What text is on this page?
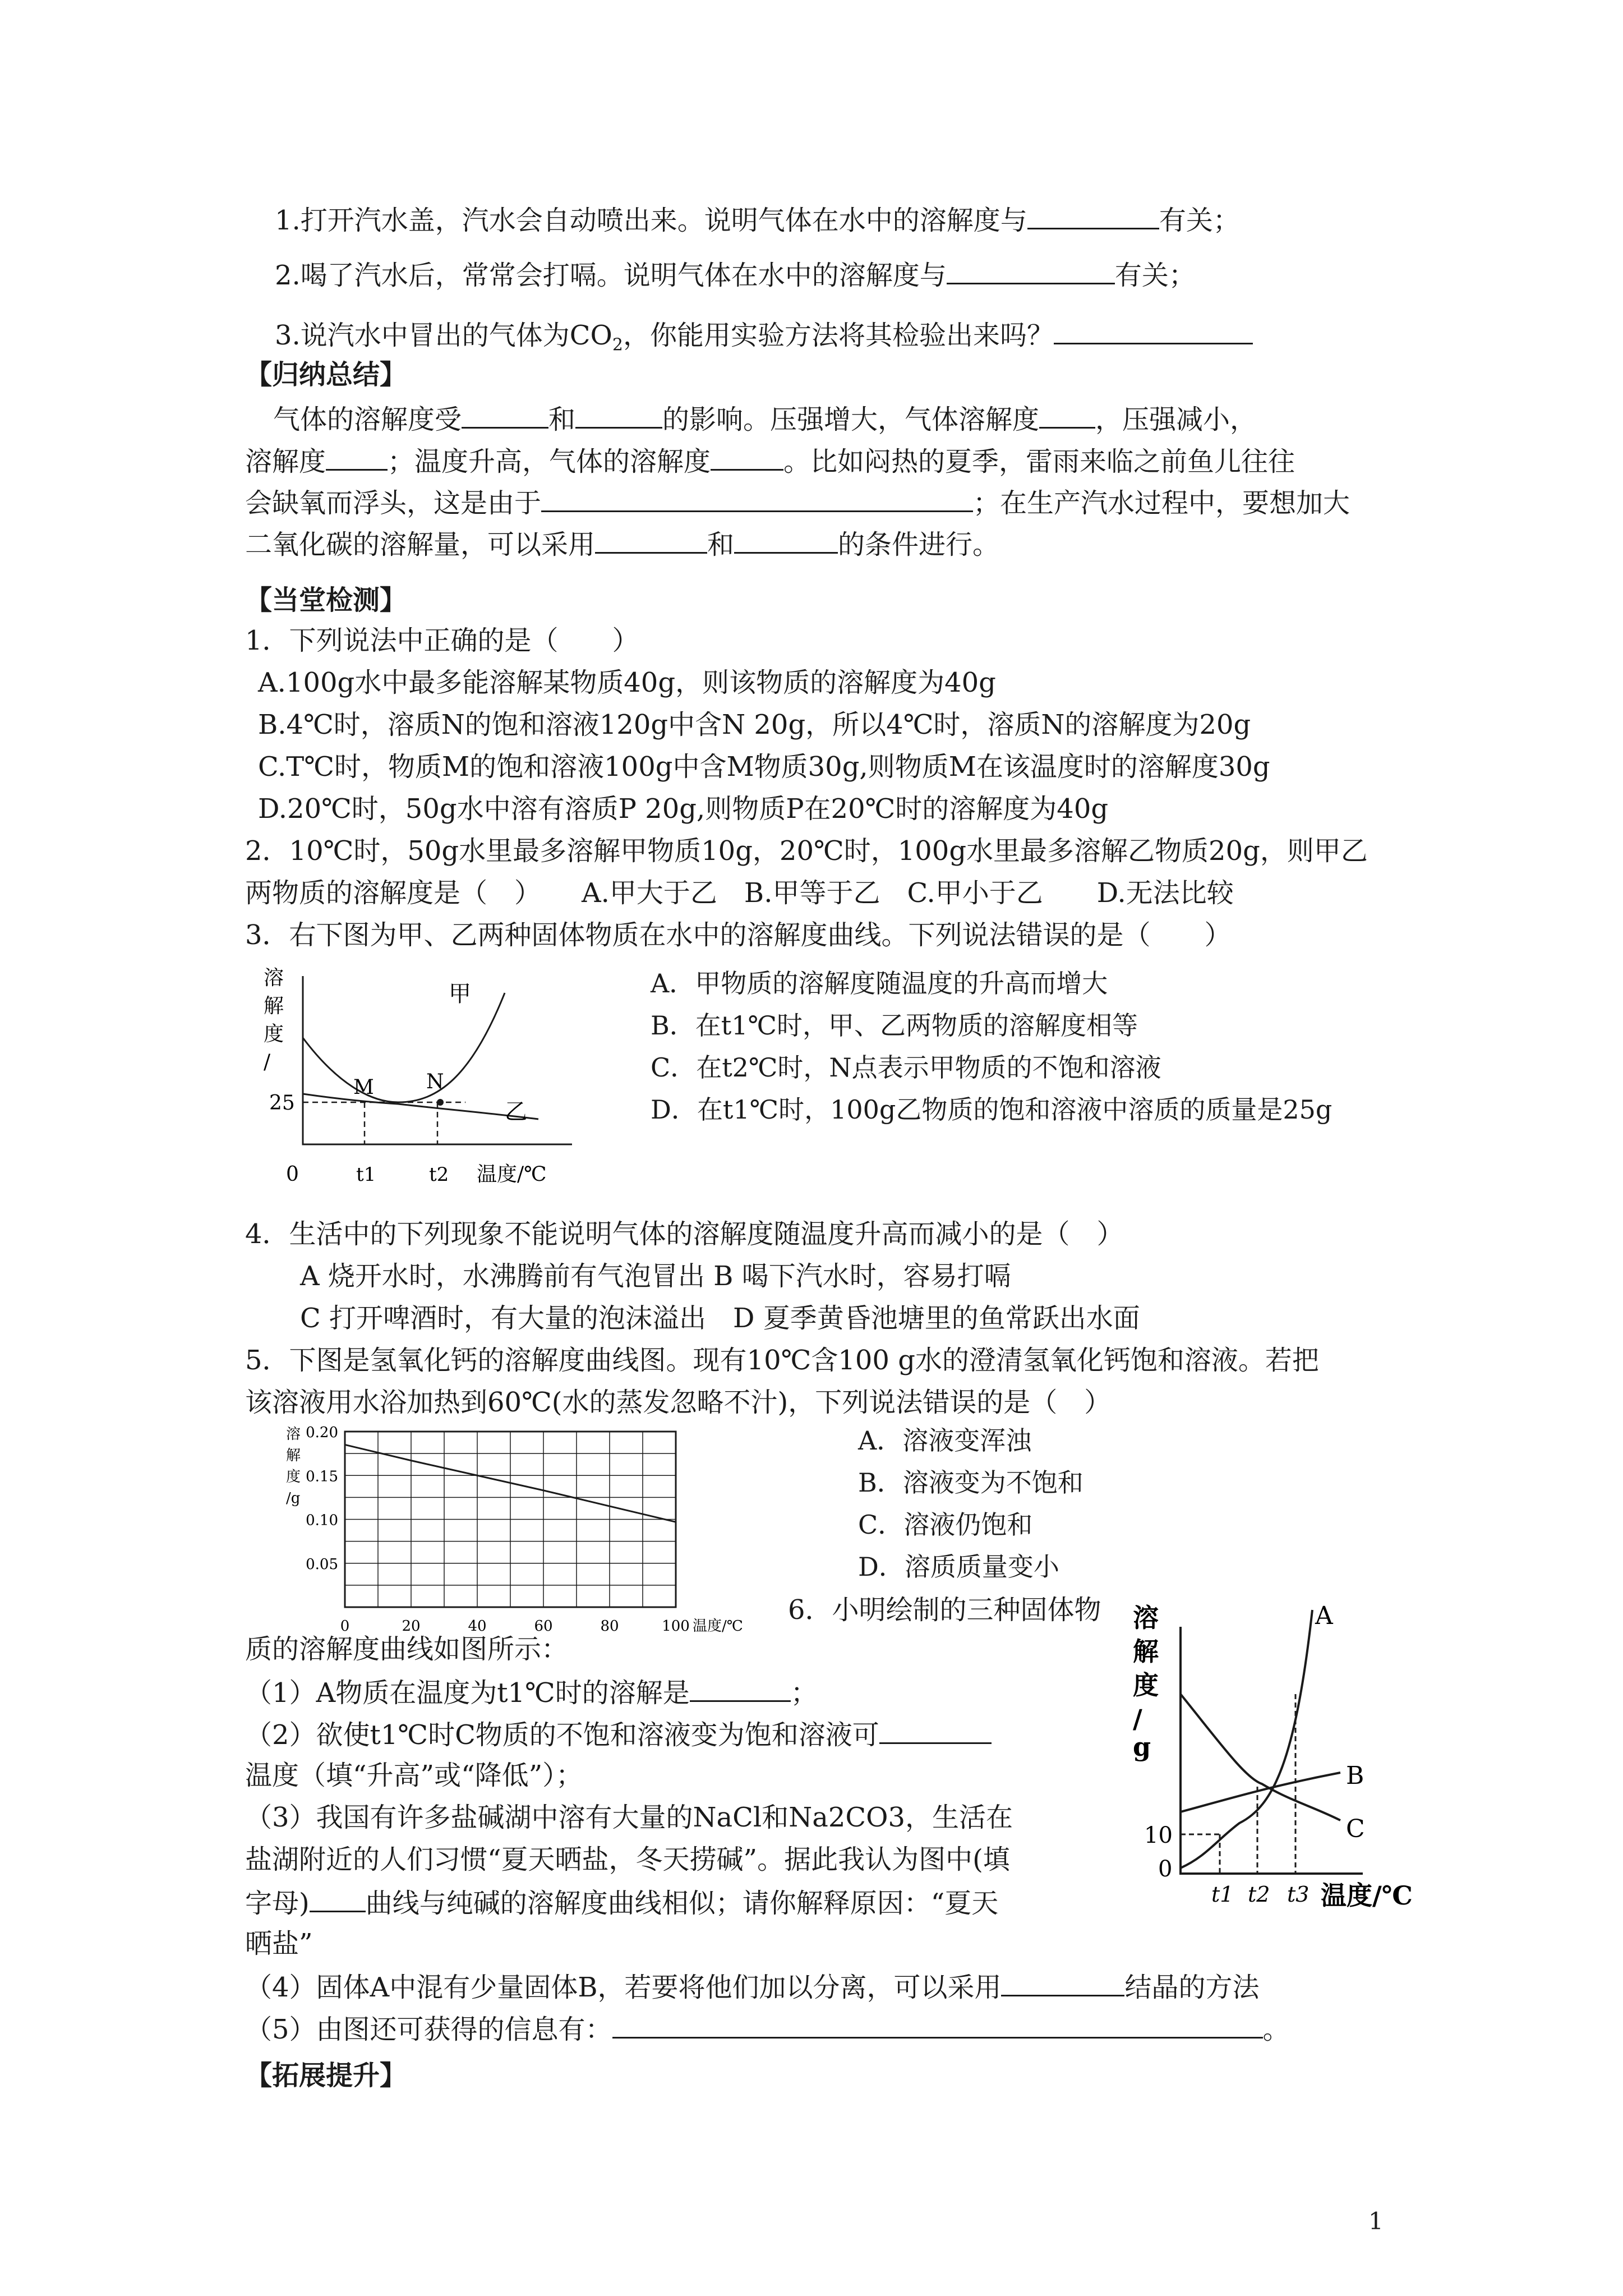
1.打开汽水盖，汽水会自动喷出来。说明气体在水中的溶解度与	有关；
2.喝了汽水后，常常会打嗝。说明气体在水中的溶解度与	有关；
3.说汽水中冒出的气体为$CO_2$，你能用实验方法将其检验出来吗？
【归纳总结】
气体的溶解度受	和	的影响。压强增大，气体溶解度 ，压强减小，
溶解度 ；温度升高，气体的溶解度	。比如闷热的夏季，雷雨来临之前鱼儿往往
会缺氧而浮头，这是由于	；在生产汽水过程中，要想加大
二氧化碳的溶解量，可以采用	和	的条件进行。
【当堂检测】
1．下列说法中正确的是（　　）
A.100g水中最多能溶解某物质40g，则该物质的溶解度为40g
B.4℃时，溶质N的饱和溶液120g中含N 20g，所以4℃时，溶质N的溶解度为20g
C.T℃时，物质M的饱和溶液100g中含M物质30g,则物质M在该温度时的溶解度30g
D.20℃时，50g水中溶有溶质P 20g,则物质P在20℃时的溶解度为40g
2．10℃时，50g水里最多溶解甲物质10g，20℃时，100g水里最多溶解乙物质20g，则甲乙
两物质的溶解度是（　）　　A.甲大于乙　B.甲等于乙　C.甲小于乙　　D.无法比较
3．右下图为甲、乙两种固体物质在水中的溶解度曲线。下列说法错误的是（　　）
溶
解
度
/
M	N
甲
乙
25
0	t1	t2 温度/℃
A．甲物质的溶解度随温度的升高而增大
B．在t1℃时，甲、乙两物质的溶解度相等
C．在t2℃时，N点表示甲物质的不饱和溶液
D．在t1℃时，100g乙物质的饱和溶液中溶质的质量是25g
4．生活中的下列现象不能说明气体的溶解度随温度升高而减小的是（　）
A 烧开水时，水沸腾前有气泡冒出 B 喝下汽水时，容易打嗝
C 打开啤酒时，有大量的泡沫溢出　D 夏季黄昏池塘里的鱼常跃出水面
5．下图是氢氧化钙的溶解度曲线图。现有10℃含100 g水的澄清氢氧化钙饱和溶液。若把
该溶液用水浴加热到60℃(水的蒸发忽略不汁)，下列说法错误的是（　）
0.20
0.15
0.10
0.05
0	20	40	60	80	100
溶
解
度
/g
温度/℃
A．溶液变浑浊
B．溶液变为不饱和
C．溶液仍饱和
D．溶质质量变小
6．小明绘制的三种固体物
质的溶解度曲线如图所示：
（1）A物质在温度为t1℃时的溶解是	；
（2）欲使t1℃时C物质的不饱和溶液变为饱和溶液可
温度（填“升高”或“降低”）；
（3）我国有许多盐碱湖中溶有大量的NaCl和Na2CO3，生活在
盐湖附近的人们习惯“夏天晒盐，冬天捞碱”。据此我认为图中(填
字母) 曲线与纯碱的溶解度曲线相似；请你解释原因：“夏天
晒盐”
（4）固体A中混有少量固体B，若要将他们加以分离，可以采用	结晶的方法
（5）由图还可获得的信息有：	。
溶
解
度
/
g
A
B
C
10
0
t1 t2 t3 温度/℃
【拓展提升】
1
